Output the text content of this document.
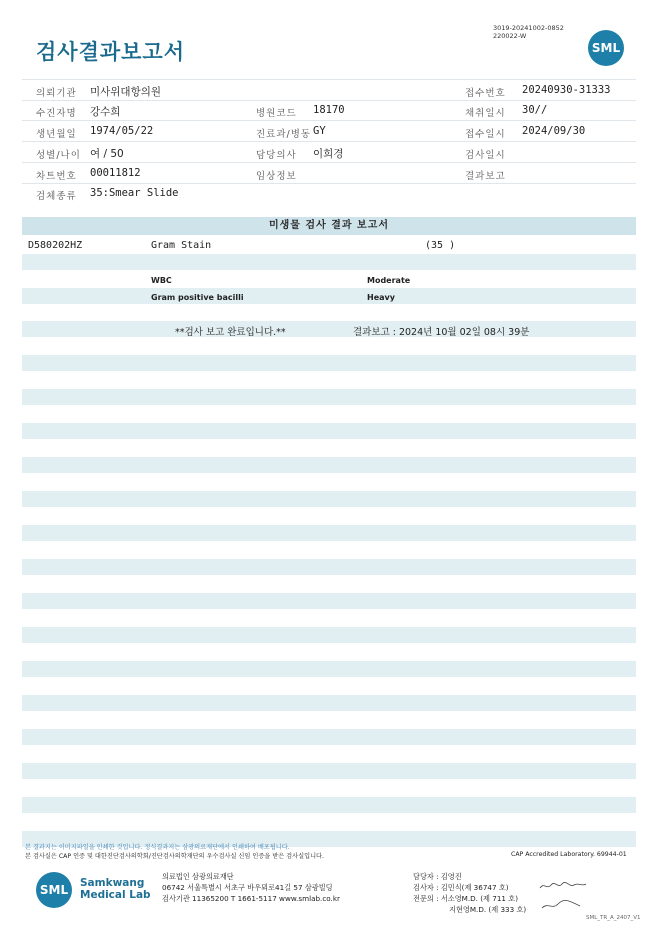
검사결과보고서
3019-20241002-0852
220022-W
SML
의뢰기관 미사위대항의원	접수번호 20240930-31333
수진자명 강수희	병원코드 18170	채취일시 30//
생년월일 1974/05/22	진료과/병동 GY	접수일시 2024/09/30
성별/나이 여 / 50	담당의사 이희경	검사일시
차트번호 00011812	임상정보	결과보고
검체종류 35:Smear Slide
미생물 검사 결과 보고서
D580202HZ	Gram Stain	(35 )
WBC	Moderate
Gram positive bacilli	Heavy
**검사 보고 완료입니다.**	결과보고 : 2024년 10월 02일 08시 39분
본 결과지는 이미지파일을 인쇄한 것입니다. 정식결과지는 삼광의료재단에서 인쇄하여 배포됩니다.
본 검사실은 CAP 인증 및 대한진단검사의학회/진단검사의학재단의 우수검사실 신임 인증을 받은 검사실입니다.	CAP Accredited Laboratory. 69944-01
SML	Samkwang
Medical Lab
의료법인 삼광의료재단
06742 서울특별시 서초구 바우뫼로41길 57 삼광빌딩
검사기관 11365200 T 1661-5117 www.smlab.co.kr
담당자 : 김영진
검사자 : 김민식(제 36747 호)
전문의 : 서소영M.D. (제 711 호)
지현영M.D. (제 333 호)
SML_TR_A_2407_V1
